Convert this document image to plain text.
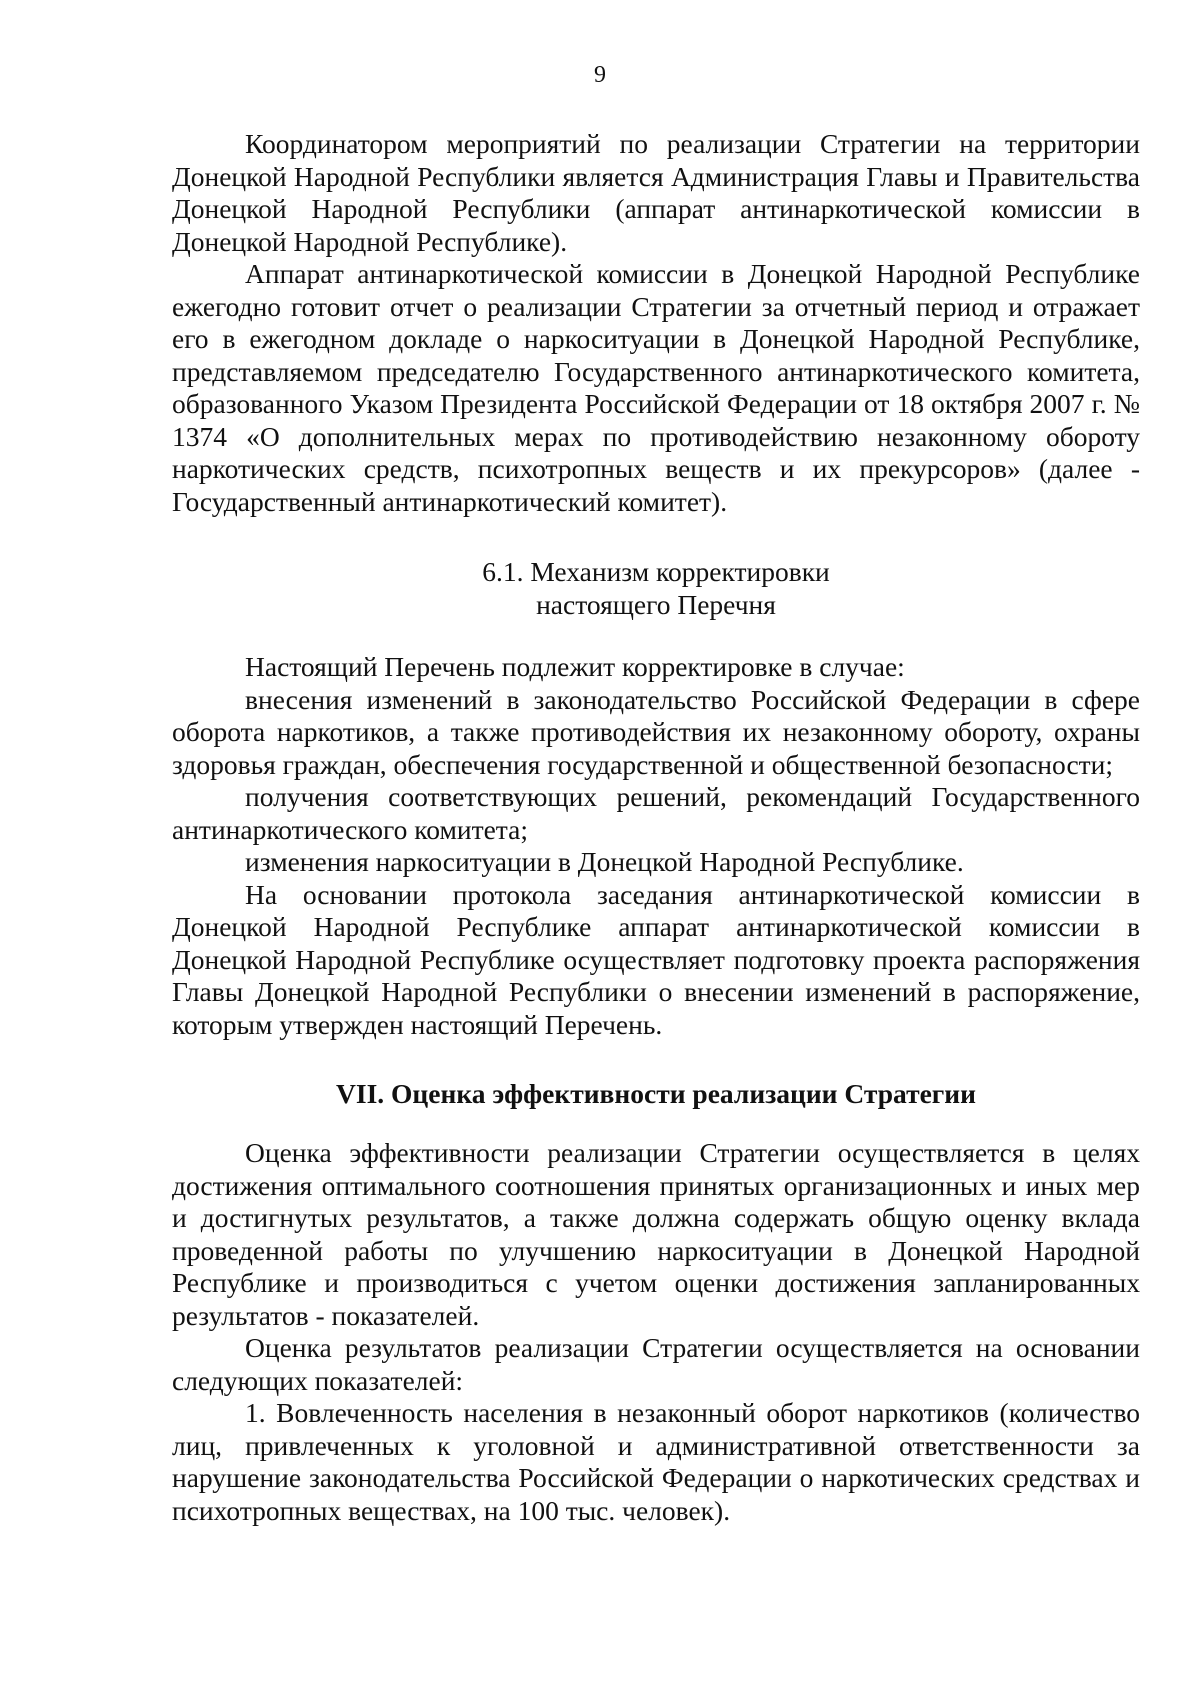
9

Координатором мероприятий по реализации Стратегии на территории Донецкой Народной Республики является Администрация Главы и Правительства Донецкой Народной Республики (аппарат антинаркотической комиссии в Донецкой Народной Республике).

Аппарат антинаркотической комиссии в Донецкой Народной Республике ежегодно готовит отчет о реализации Стратегии за отчетный период и отражает его в ежегодном докладе о наркоситуации в Донецкой Народной Республике, представляемом председателю Государственного антинаркотического комитета, образованного Указом Президента Российской Федерации от 18 октября 2007 г. № 1374 «О дополнительных мерах по противодействию незаконному обороту наркотических средств, психотропных веществ и их прекурсоров» (далее - Государственный антинаркотический комитет).

6.1. Механизм корректировки
настоящего Перечня

Настоящий Перечень подлежит корректировке в случае:

внесения изменений в законодательство Российской Федерации в сфере оборота наркотиков, а также противодействия их незаконному обороту, охраны здоровья граждан, обеспечения государственной и общественной безопасности;

получения соответствующих решений, рекомендаций Государственного антинаркотического комитета;

изменения наркоситуации в Донецкой Народной Республике.

На основании протокола заседания антинаркотической комиссии в Донецкой Народной Республике аппарат антинаркотической комиссии в Донецкой Народной Республике осуществляет подготовку проекта распоряжения Главы Донецкой Народной Республики о внесении изменений в распоряжение, которым утвержден настоящий Перечень.

VII. Оценка эффективности реализации Стратегии

Оценка эффективности реализации Стратегии осуществляется в целях достижения оптимального соотношения принятых организационных и иных мер и достигнутых результатов, а также должна содержать общую оценку вклада проведенной работы по улучшению наркоситуации в Донецкой Народной Республике и производиться с учетом оценки достижения запланированных результатов - показателей.

Оценка результатов реализации Стратегии осуществляется на основании следующих показателей:

1. Вовлеченность населения в незаконный оборот наркотиков (количество лиц, привлеченных к уголовной и административной ответственности за нарушение законодательства Российской Федерации о наркотических средствах и психотропных веществах, на 100 тыс. человек).
